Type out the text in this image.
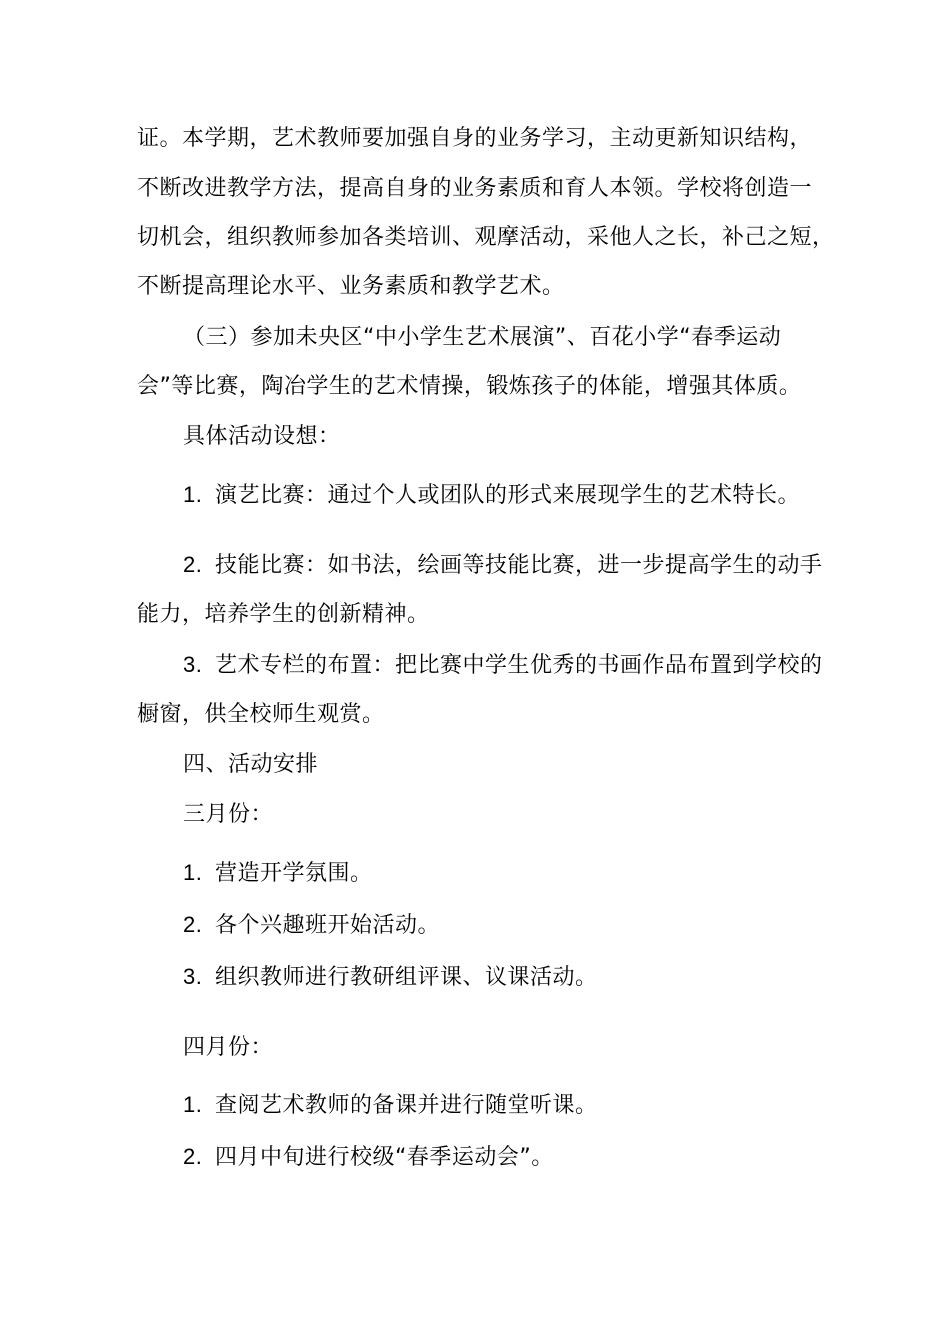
证。本学期，艺术教师要加强自身的业务学习，主动更新知识结构，
不断改进教学方法，提高自身的业务素质和育人本领。学校将创造一
切机会，组织教师参加各类培训、观摩活动，采他人之长，补己之短，
不断提高理论水平、业务素质和教学艺术。
（三）参加未央区“中小学生艺术展演”、百花小学“春季运动
会”等比赛，陶冶学生的艺术情操，锻炼孩子的体能，增强其体质。
具体活动设想：
1. 演艺比赛：通过个人或团队的形式来展现学生的艺术特长。
2. 技能比赛：如书法，绘画等技能比赛，进一步提高学生的动手
能力，培养学生的创新精神。
3. 艺术专栏的布置：把比赛中学生优秀的书画作品布置到学校的
橱窗，供全校师生观赏。
四、活动安排
三月份：
1. 营造开学氛围。
2. 各个兴趣班开始活动。
3. 组织教师进行教研组评课、议课活动。
四月份：
1. 查阅艺术教师的备课并进行随堂听课。
2. 四月中旬进行校级“春季运动会”。
